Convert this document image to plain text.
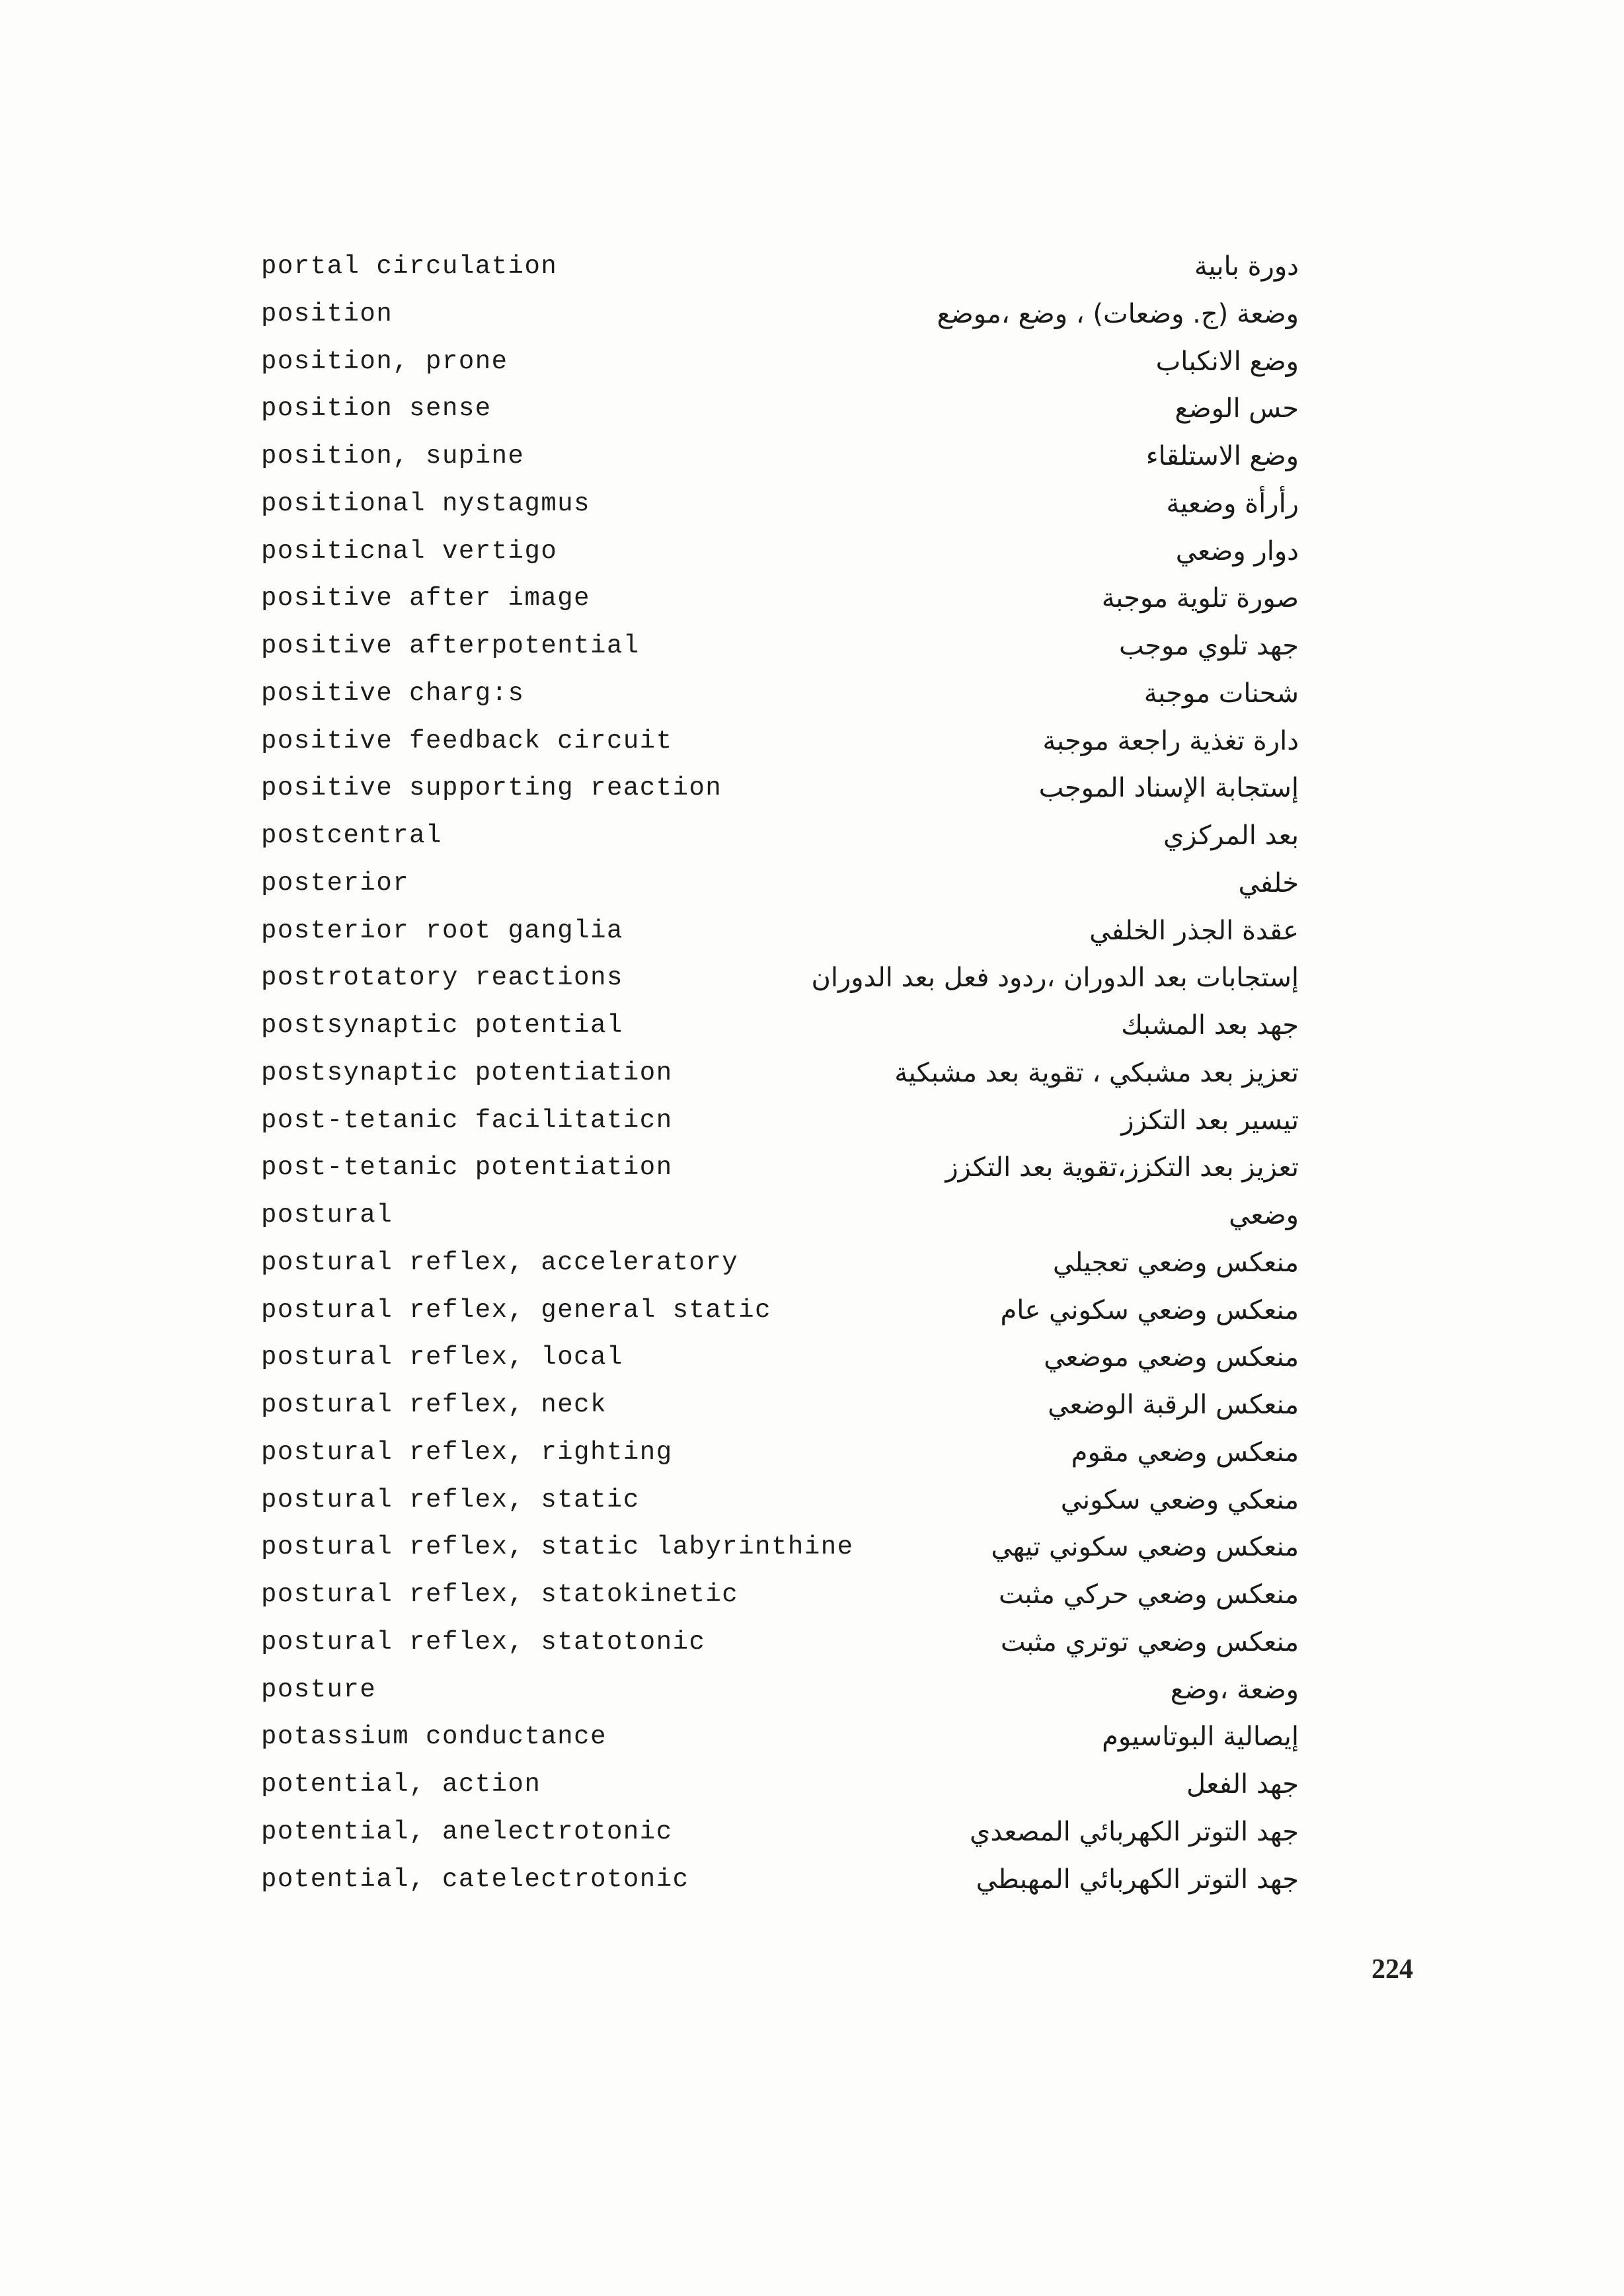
portal circulation	دورة بابية
position	وضعة (ج. وضعات) ، وضع ،موضع
position, prone	وضع الانكباب
position sense	حس الوضع
position, supine	وضع الاستلقاء
positional nystagmus	رأرأة وضعية
positicnal vertigo	دوار وضعي
positive after image	صورة تلوية موجبة
positive afterpotential	جهد تلوي موجب
positive charg:s	شحنات موجبة
positive feedback circuit	دارة تغذية راجعة موجبة
positive supporting reaction	إستجابة الإسناد الموجب
postcentral	بعد المركزي
posterior	خلفي
posterior root ganglia	عقدة الجذر الخلفي
postrotatory reactions	إستجابات بعد الدوران ،ردود فعل بعد الدوران
postsynaptic potential	جهد بعد المشبك
postsynaptic potentiation	تعزيز بعد مشبكي ، تقوية بعد مشبكية
post-tetanic facilitaticn	تيسير بعد التكزز
post-tetanic potentiation	تعزيز بعد التكزز،تقوية بعد التكزز
postural	وضعي
postural reflex, acceleratory	منعكس وضعي تعجيلي
postural reflex, general static	منعكس وضعي سكوني عام
postural reflex, local	منعكس وضعي موضعي
postural reflex, neck	منعكس الرقبة الوضعي
postural reflex, righting	منعكس وضعي مقوم
postural reflex, static	منعكي وضعي سكوني
postural reflex, static labyrinthine	منعكس وضعي سكوني تيهي
postural reflex, statokinetic	منعكس وضعي حركي مثبت
postural reflex, statotonic	منعكس وضعي توتري مثبت
posture	وضعة ،وضع
potassium conductance	إيصالية البوتاسيوم
potential, action	جهد الفعل
potential, anelectrotonic	جهد التوتر الكهربائي المصعدي
potential, catelectrotonic	جهد التوتر الكهربائي المهبطي
224
